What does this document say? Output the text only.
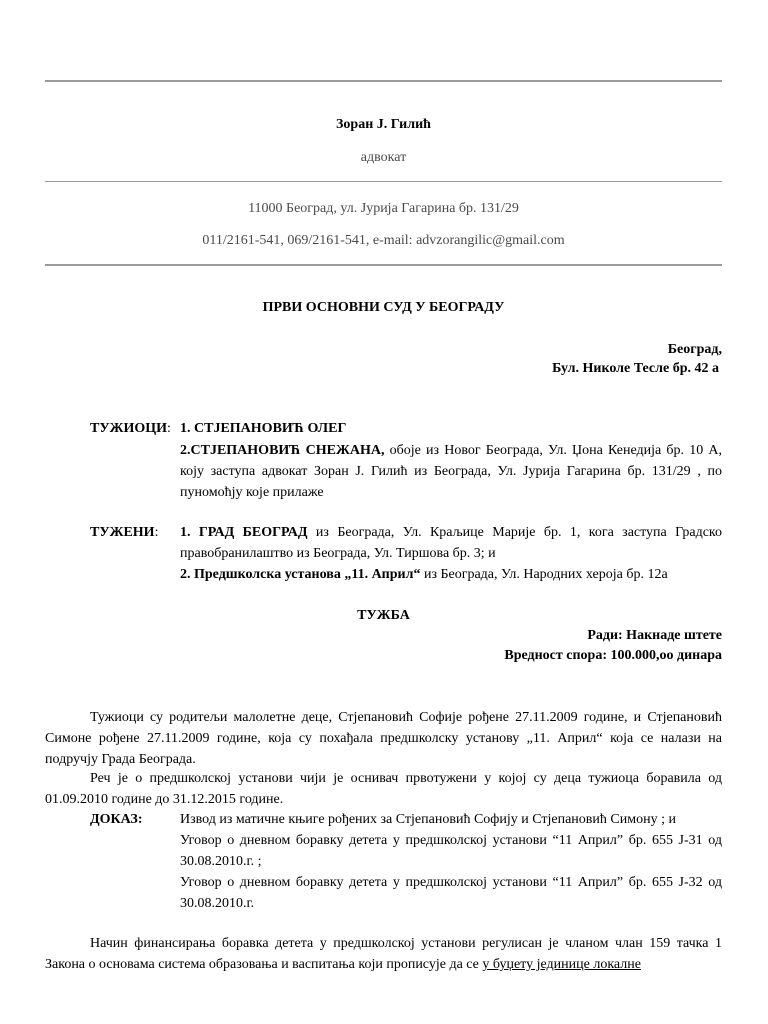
Зоран Ј. Гилић
адвокат
11000 Београд, ул. Јурија Гагарина бр. 131/29
011/2161-541, 069/2161-541, e-mail: advzorangilic@gmail.com
ПРВИ ОСНОВНИ СУД У БЕОГРАДУ
Београд,
Бул. Николе Тесле бр. 42 а
ТУЖИОЦИ: 1. СТЈЕПАНОВИЋ ОЛЕГ
2.СТЈЕПАНОВИЋ СНЕЖАНА, обоје из Новог Београда, Ул. Џона Кенедија бр. 10 А, коју заступа адвокат Зоран Ј. Гилић из Београда, Ул. Јурија Гагарина бр. 131/29 , по пуномоћју које прилаже
ТУЖЕНИ: 1. ГРАД БЕОГРАД из Београда, Ул. Краљице Марије бр. 1, кога заступа Градско правобранилаштво из Београда, Ул. Тиршова бр. 3; и
2. Предшколска установа „11. Април“ из Београда, Ул. Народних хероја бр. 12а
ТУЖБА
Ради: Накнаде штете
Вредност спора: 100.000,оо динара
Тужиоци су родитељи малолетне деце, Стјепановић Софије рођене 27.11.2009 године, и Стјепановић Симоне рођене 27.11.2009 године, која су похађала предшколску установу „11. Април“ која се налази на подручју Града Београда.
Реч је о предшколској установи чији је оснивач првотужени у којој су деца тужиоца боравила од 01.09.2010 године до 31.12.2015 године.
ДОКАЗ:	Извод из матичне књиге рођених за Стјепановић Софију и Стјепановић Симону ; и
Уговор о дневном боравку детета у предшколској установи “11 Април” бр. 655 Ј-31 од 30.08.2010.г. ;
Уговор о дневном боравку детета у предшколској установи “11 Април” бр. 655 Ј-32 од 30.08.2010.г.
Начин финансирања боравка детета у предшколској установи регулисан је чланом члан 159 тачка 1 Закона о основама система образовања и васпитања који прописује да се у буџету јединице локалне
